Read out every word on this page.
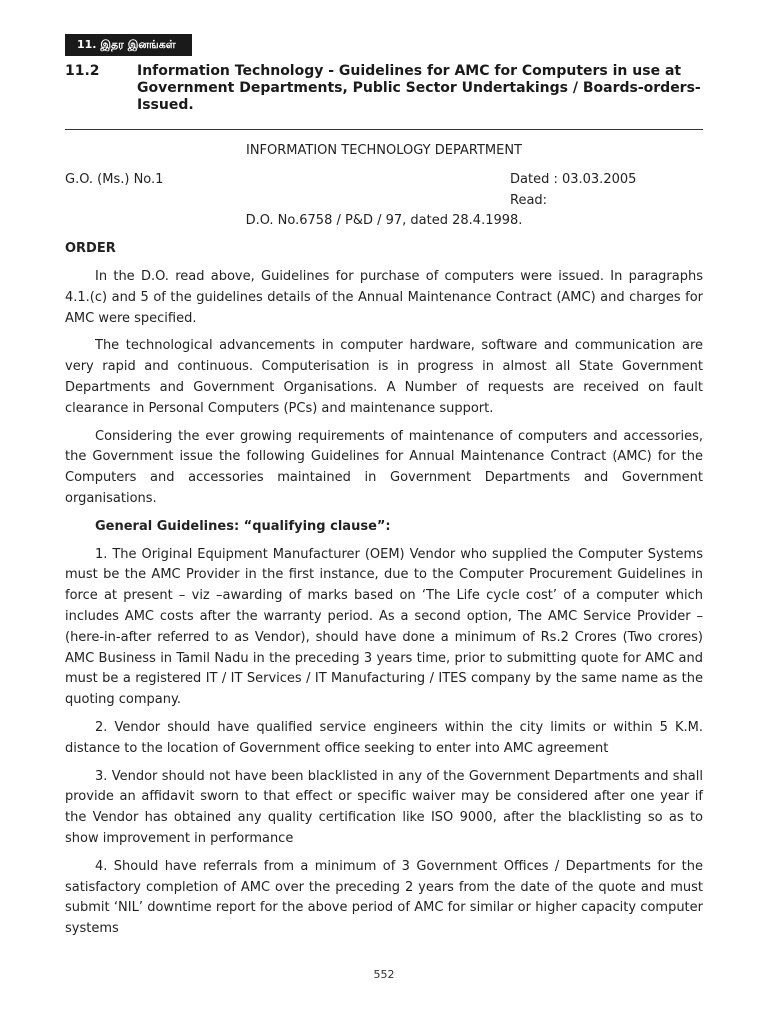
11. இதர இனங்கள்
11.2	Information Technology - Guidelines for AMC for Computers in use at Government Departments, Public Sector Undertakings / Boards-orders-Issued.
INFORMATION TECHNOLOGY DEPARTMENT
G.O. (Ms.) No.1	Dated : 03.03.2005
Read:
D.O. No.6758 / P&D / 97, dated 28.4.1998.
ORDER

In the D.O. read above, Guidelines for purchase of computers were issued. In paragraphs 4.1.(c) and 5 of the guidelines details of the Annual Maintenance Contract (AMC) and charges for AMC were specified.

The technological advancements in computer hardware, software and communication are very rapid and continuous. Computerisation is in progress in almost all State Government Departments and Government Organisations. A Number of requests are received on fault clearance in Personal Computers (PCs) and maintenance support.

Considering the ever growing requirements of maintenance of computers and accessories, the Government issue the following Guidelines for Annual Maintenance Contract (AMC) for the Computers and accessories maintained in Government Departments and Government organisations.

General Guidelines: “qualifying clause”:

1. The Original Equipment Manufacturer (OEM) Vendor who supplied the Computer Systems must be the AMC Provider in the first instance, due to the Computer Procurement Guidelines in force at present – viz –awarding of marks based on ‘The Life cycle cost’ of a computer which includes AMC costs after the warranty period. As a second option, The AMC Service Provider – (here-in-after referred to as Vendor), should have done a minimum of Rs.2 Crores (Two crores) AMC Business in Tamil Nadu in the preceding 3 years time, prior to submitting quote for AMC and must be a registered IT / IT Services / IT Manufacturing / ITES company by the same name as the quoting company.

2. Vendor should have qualified service engineers within the city limits or within 5 K.M. distance to the location of Government office seeking to enter into AMC agreement

3. Vendor should not have been blacklisted in any of the Government Departments and shall provide an affidavit sworn to that effect or specific waiver may be considered after one year if the Vendor has obtained any quality certification like ISO 9000, after the blacklisting so as to show improvement in performance

4. Should have referrals from a minimum of 3 Government Offices / Departments for the satisfactory completion of AMC over the preceding 2 years from the date of the quote and must submit ‘NIL’ downtime report for the above period of AMC for similar or higher capacity computer systems

552
